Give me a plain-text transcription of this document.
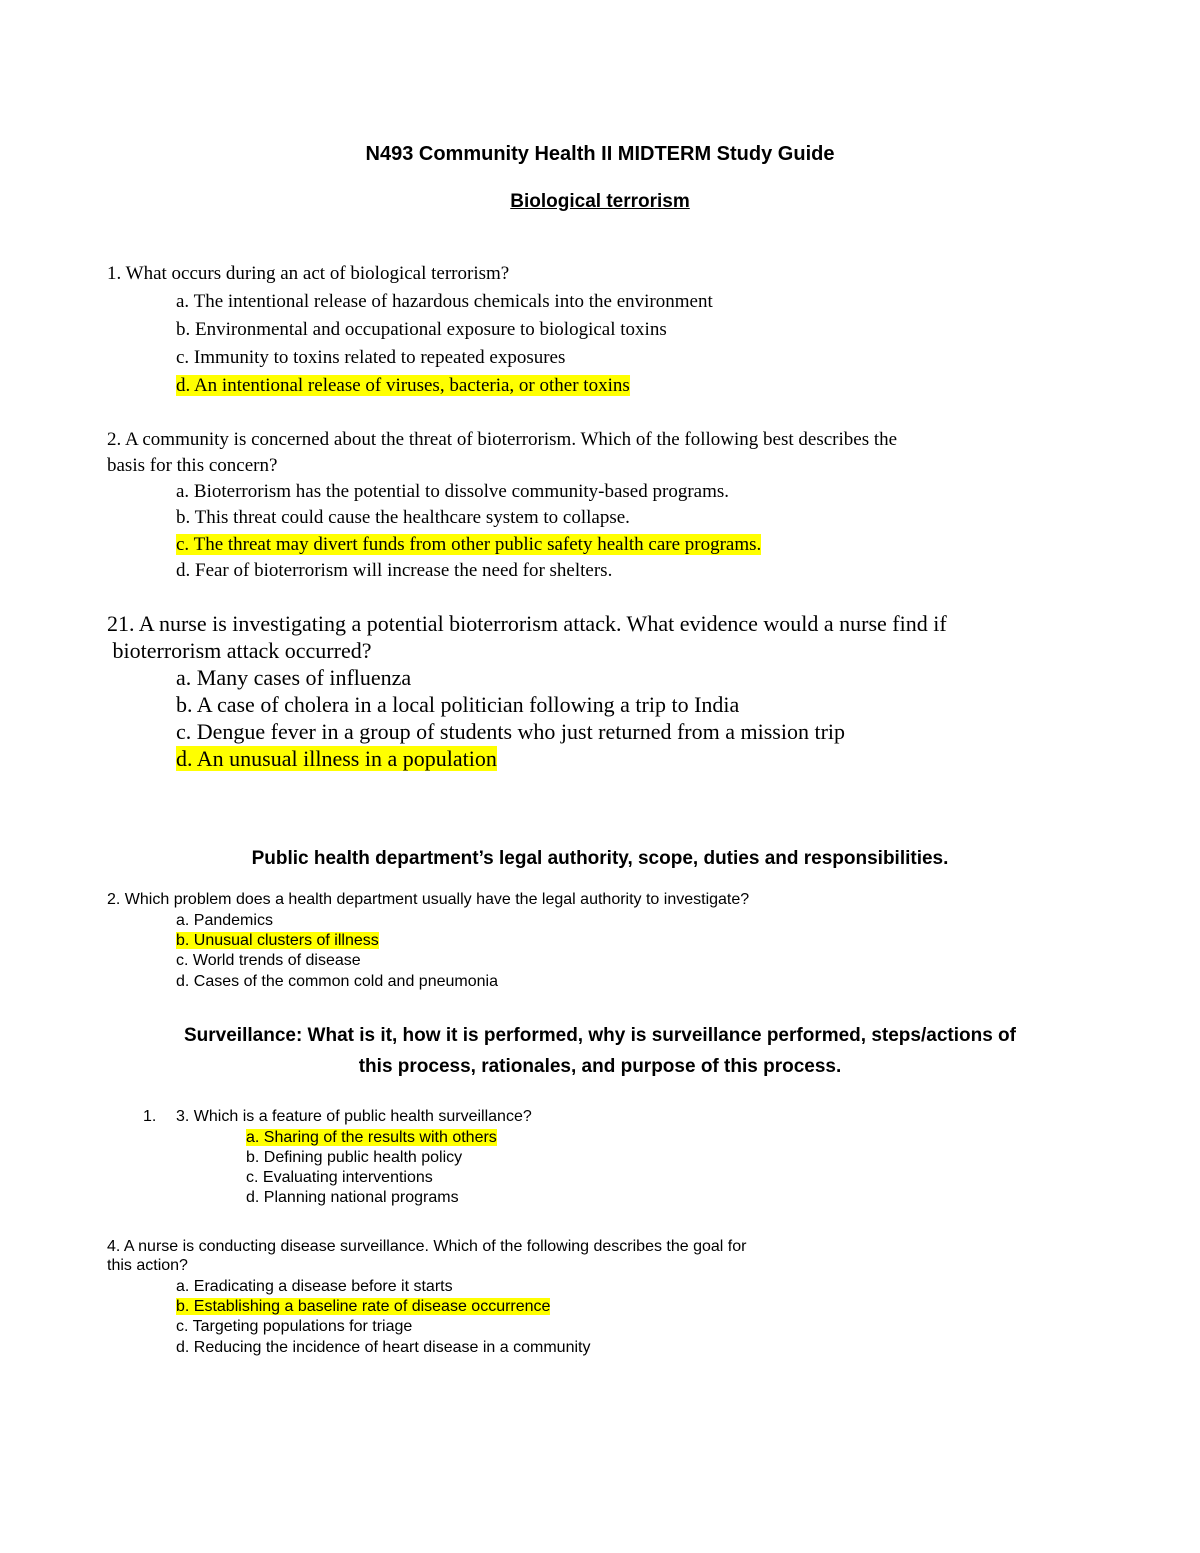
N493 Community Health II MIDTERM Study Guide
Biological terrorism
1. What occurs during an act of biological terrorism?
a. The intentional release of hazardous chemicals into the environment
b. Environmental and occupational exposure to biological toxins
c. Immunity to toxins related to repeated exposures
d. An intentional release of viruses, bacteria, or other toxins
2. A community is concerned about the threat of bioterrorism. Which of the following best describes the
basis for this concern?
a. Bioterrorism has the potential to dissolve community-based programs.
b. This threat could cause the healthcare system to collapse.
c. The threat may divert funds from other public safety health care programs.
d. Fear of bioterrorism will increase the need for shelters.
21. A nurse is investigating a potential bioterrorism attack. What evidence would a nurse find if
bioterrorism attack occurred?
a. Many cases of influenza
b. A case of cholera in a local politician following a trip to India
c. Dengue fever in a group of students who just returned from a mission trip
d. An unusual illness in a population
Public health department’s legal authority, scope, duties and responsibilities.
2. Which problem does a health department usually have the legal authority to investigate?
a. Pandemics
b. Unusual clusters of illness
c. World trends of disease
d. Cases of the common cold and pneumonia
Surveillance: What is it, how it is performed, why is surveillance performed, steps/actions of
this process, rationales, and purpose of this process.
1. 3. Which is a feature of public health surveillance?
a. Sharing of the results with others
b. Defining public health policy
c. Evaluating interventions
d. Planning national programs
4. A nurse is conducting disease surveillance. Which of the following describes the goal for
this action?
a. Eradicating a disease before it starts
b. Establishing a baseline rate of disease occurrence
c. Targeting populations for triage
d. Reducing the incidence of heart disease in a community
